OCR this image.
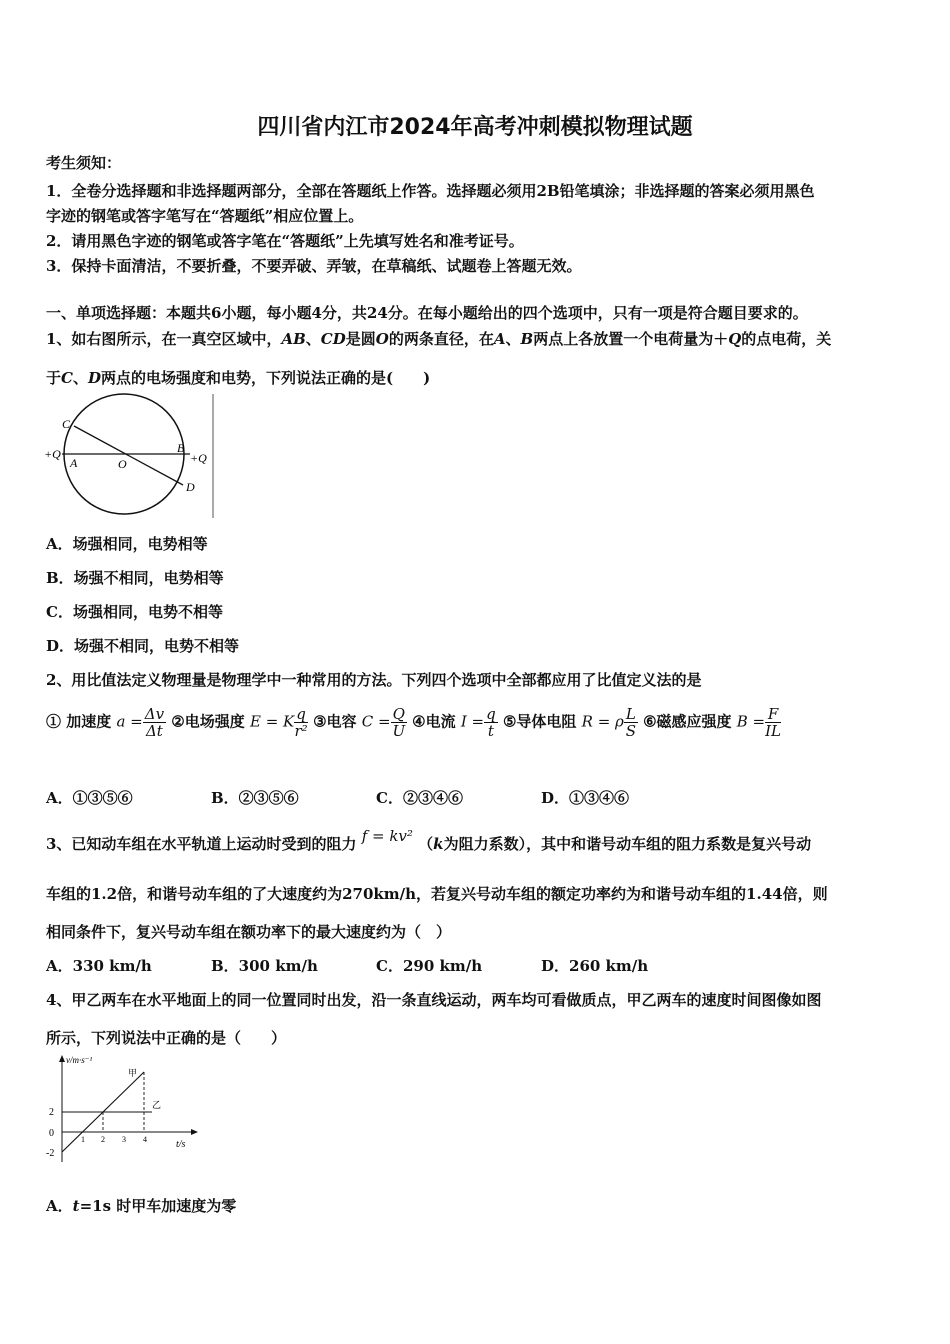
四川省内江市2024年高考冲刺模拟物理试题
考生须知：
1．全卷分选择题和非选择题两部分，全部在答题纸上作答。选择题必须用2B铅笔填涂；非选择题的答案必须用黑色
字迹的钢笔或答字笔写在“答题纸”相应位置上。
2．请用黑色字迹的钢笔或答字笔在“答题纸”上先填写姓名和准考证号。
3．保持卡面清洁，不要折叠，不要弄破、弄皱，在草稿纸、试题卷上答题无效。
一、单项选择题：本题共6小题，每小题4分，共24分。在每小题给出的四个选项中，只有一项是符合题目要求的。
1、如右图所示，在一真空区域中，AB、CD是圆O的两条直径，在A、B两点上各放置一个电荷量为＋Q的点电荷，关
于C、D两点的电场强度和电势，下列说法正确的是(　　)
C
D
A
B
O
+Q	+Q
A．场强相同，电势相等
B．场强不相同，电势相等
C．场强相同，电势不相等
D．场强不相同，电势不相等
2、用比值法定义物理量是物理学中一种常用的方法。下列四个选项中全部都应用了比值定义法的是
① 加速度 $a = \frac{\Delta v}{\Delta t}$ ②电场强度 E = K $\frac{q}{\text{r²}}$ ③电容 $C = \frac{Q}{U}$ ④电流 $I = \frac{q}{t}$ ⑤导体电阻 R = ρ $\frac{L}{S}$ ⑥磁感应强度 $B = \frac{F}{IL}$
A．①③⑤⑥	B．②③⑤⑥	C．②③④⑥	D．①③④⑥
3、已知动车组在水平轨道上运动时受到的阻力 f = kv² （k为阻力系数），其中和谐号动车组的阻力系数是复兴号动
车组的1.2倍，和谐号动车组的了大速度约为270km/h，若复兴号动车组的额定功率约为和谐号动车组的1.44倍，则
相同条件下，复兴号动车组在额功率下的最大速度约为（　）
A．330 km/h	B．300 km/h	C．290 km/h	D．260 km/h
4、甲乙两车在水平地面上的同一位置同时出发，沿一条直线运动，两车均可看做质点，甲乙两车的速度时间图像如图
所示，下列说法中正确的是（　　）
v/m·s⁻¹
t/s
2
0
-2
1 2 3 4
甲
乙
A．t=1s 时甲车加速度为零
